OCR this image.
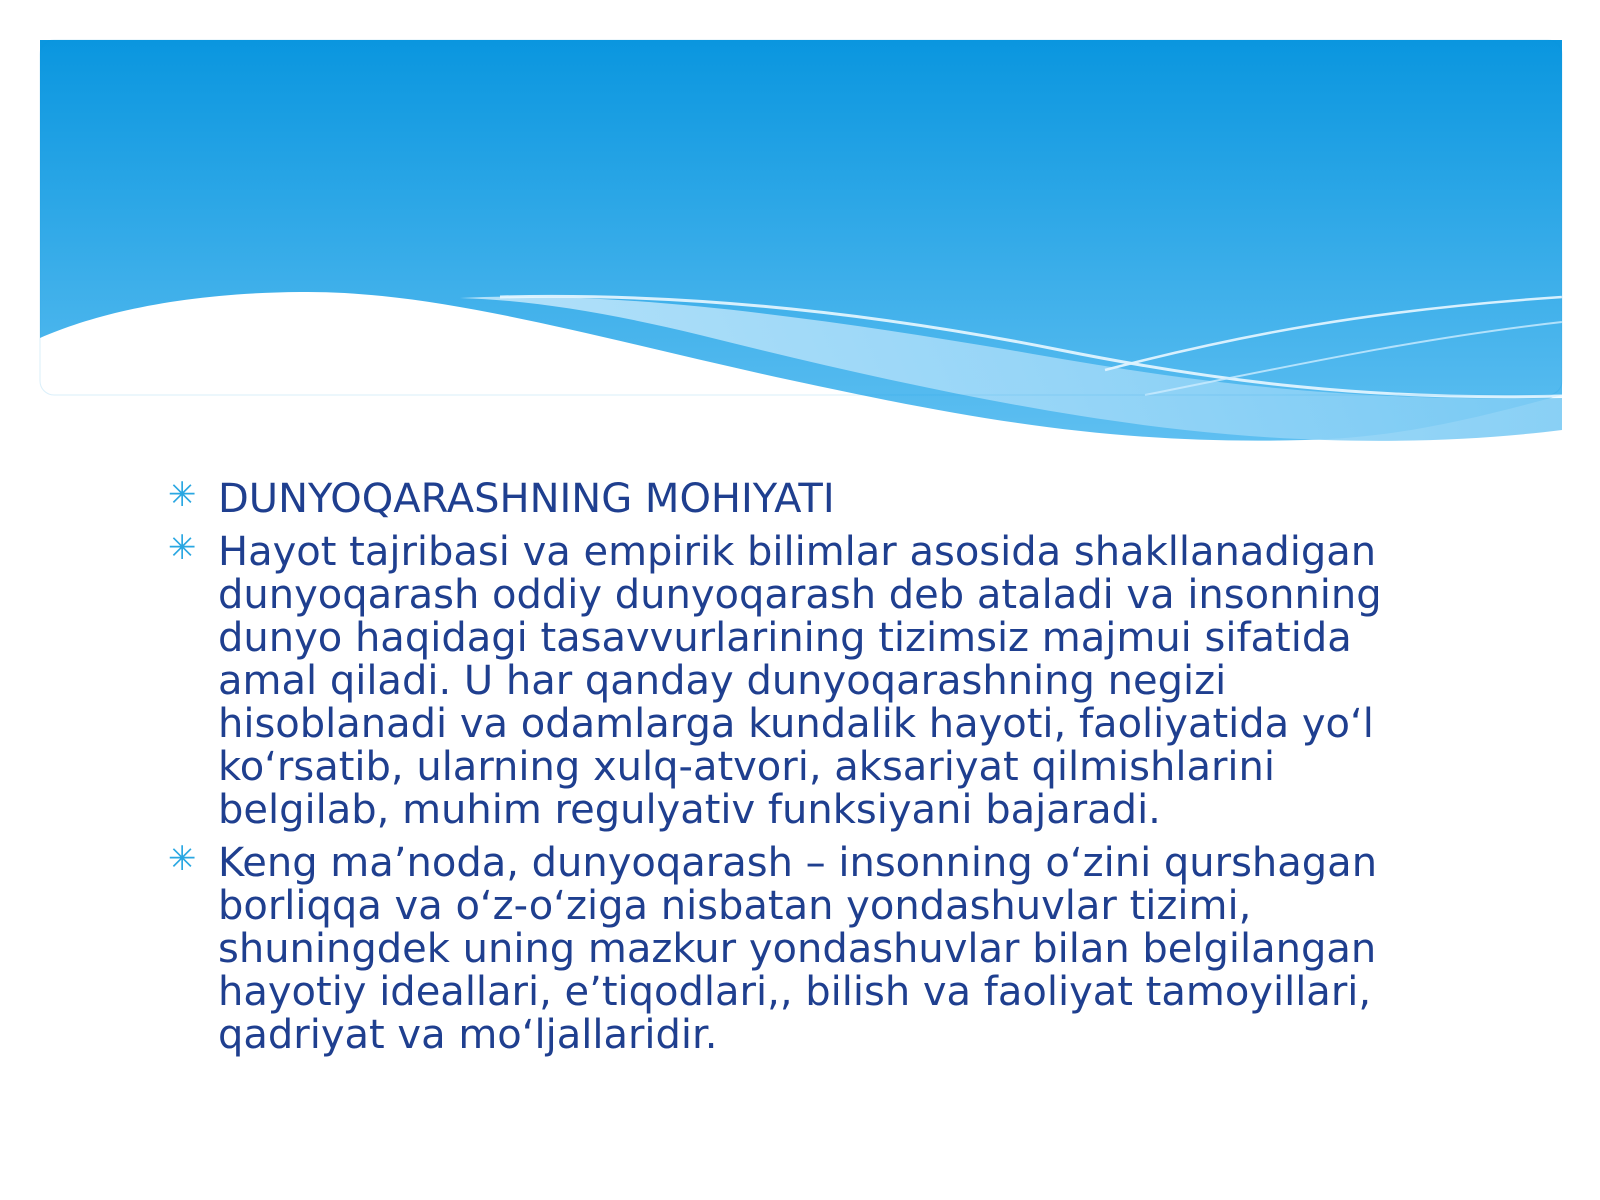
✳ DUNYOQARASHNING MOHIYATI
✳ Hayot tajribasi va empirik bilimlar asosida shakllanadigan dunyoqarash oddiy dunyoqarash deb ataladi va insonning dunyo haqidagi tasavvurlarining tizimsiz majmui sifatida amal qiladi. U har qanday dunyoqarashning negizi hisoblanadi va odamlarga kundalik hayoti, faoliyatida yo‘l ko‘rsatib, ularning xulq-atvori, aksariyat qilmishlarini belgilab, muhim regulyativ funksiyani bajaradi.
✳ Keng ma’noda, dunyoqarash – insonning o‘zini qurshagan borliqqa va o‘z-o‘ziga nisbatan yondashuvlar tizimi, shuningdek uning mazkur yondashuvlar bilan belgilangan hayotiy ideallari, e’tiqodlari,, bilish va faoliyat tamoyillari, qadriyat va mo‘ljallaridir.
